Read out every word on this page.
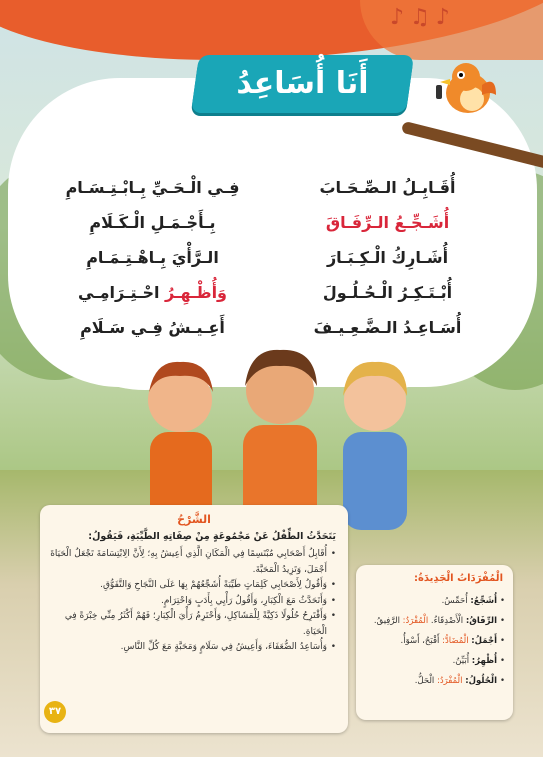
♪♫♪
أَنَا أُسَاعِدُ
أُقَـابِـلُ الـصِّـحَـابَ
فِـي الْـحَـيِّ بِـابْـتِـسَـامِ
أُشَـجِّـعُ الـرِّفَـاقَ
بِـأَجْـمَـلِ الْـكَـلَامِ
أُشَـارِكُ الْـكِـبَـارَ
الـرَّأْيَ بِـاهْـتِـمَـامِ
أُبْـتَـكِـرُ الْـحُـلُـولَ
وَأُظْـهِـرُ احْـتِـرَامِـي
أُسَـاعِـدُ الـضَّـعِـيـفَ
أَعِـيـشُ فِـي سَـلَامِ
الشَّرْحُ
يَتَحَدَّثُ الطِّفْلُ عَنْ مَجْمُوعَةٍ مِنْ صِفَاتِهِ الطَّيِّبَةِ، فَيَقُولُ:
• أُقَابِلُ أَصْحَابِي مُبْتَسِمًا فِي الْمَكَانِ الَّذِي أَعِيشُ بِهِ؛ لِأَنَّ الِابْتِسَامَةَ تَجْعَلُ الْحَيَاةَ أَجْمَلَ، وَتَزِيدُ الْمَحَبَّةَ.
• وَأَقُولُ لِأَصْحَابِي كَلِمَاتٍ طَيِّبَةً أُشَجِّعُهُمْ بِهَا عَلَى النَّجَاحِ وَالتَّفَوُّقِ.
• وَأَتَحَدَّثُ مَعَ الْكِبَارِ، وَأَقُولُ رَأْيِي بِأَدَبٍ وَاحْتِرَامٍ.
• وَأَقْتَرِحُ حُلُولًا ذَكِيَّةً لِلْمَشَاكِلِ، وَأَحْتَرِمُ رَأْيَ الْكِبَارِ؛ فَهُمْ أَكْثَرُ مِنِّي خِبْرَةً فِي الْحَيَاةِ.
• وَأُسَاعِدُ الضُّعَفَاءَ، وَأَعِيشُ فِي سَلَامٍ وَمَحَبَّةٍ مَعَ كُلِّ النَّاسِ.
٣٧
الْمُفْرَدَاتُ الْجَدِيدَةُ:
• أُشَجِّعُ: أُحَمِّسُ.
• الرِّفَاقُ: الْأَصْدِقَاءُ. الْمُفْرَدُ: الرَّفِيقُ.
• أَجْمَلُ: الْمُضَادُّ: أَقْبَحُ، أَسْوَأُ.
• أُظْهِرُ: أُبَيِّنُ.
• الْحُلُولُ: الْمُفْرَدُ: الْحَلُّ.
